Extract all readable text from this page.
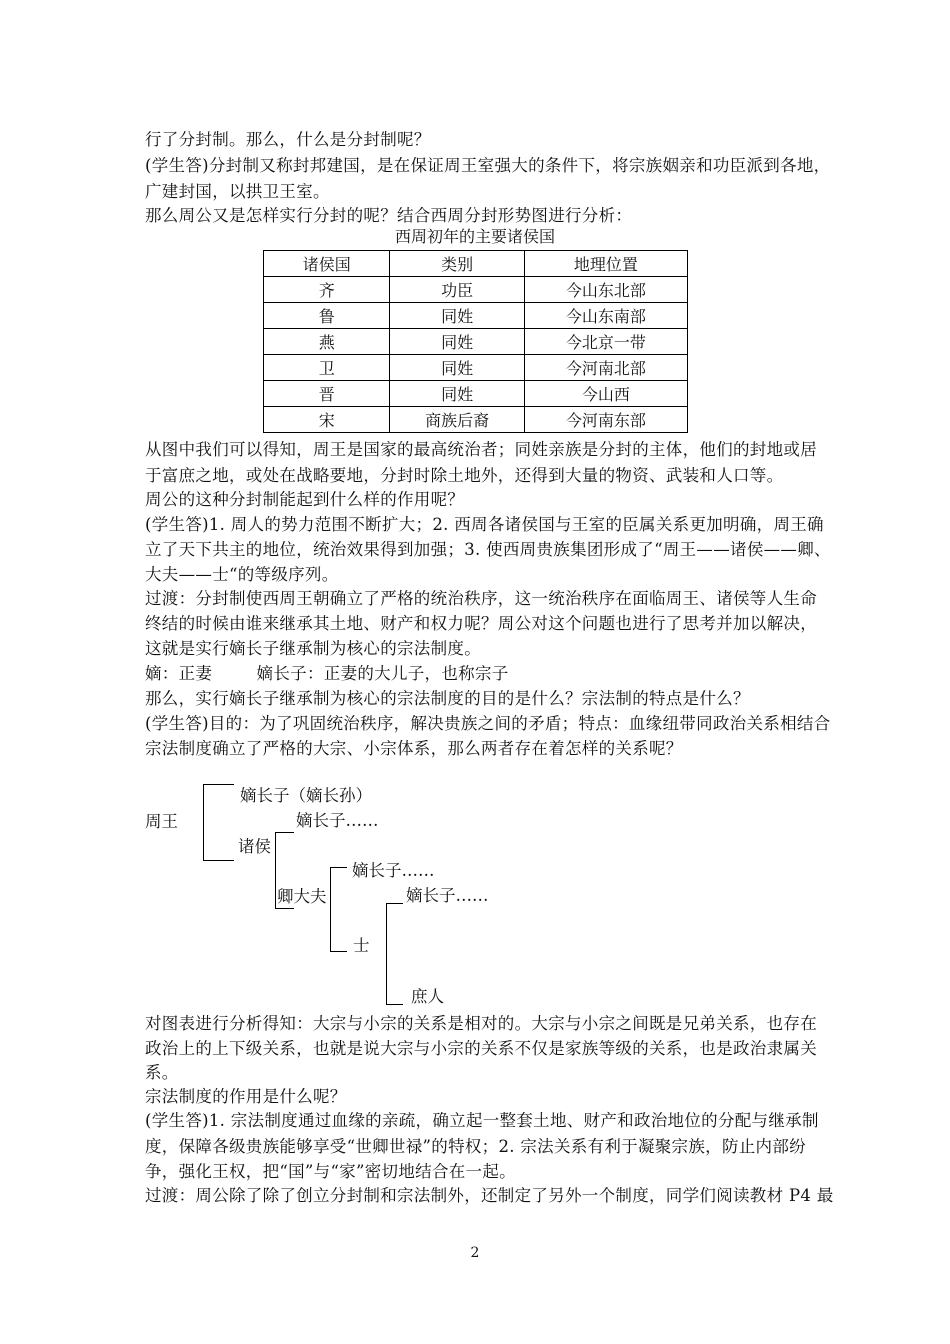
行了分封制。那么，什么是分封制呢？
(学生答)分封制又称封邦建国，是在保证周王室强大的条件下，将宗族姻亲和功臣派到各地，
广建封国，以拱卫王室。
那么周公又是怎样实行分封的呢？结合西周分封形势图进行分析：
西周初年的主要诸侯国
诸侯国	类别	地理位置
齐	功臣	今山东北部
鲁	同姓	今山东南部
燕	同姓	今北京一带
卫	同姓	今河南北部
晋	同姓	今山西
宋	商族后裔	今河南东部
从图中我们可以得知，周王是国家的最高统治者；同姓亲族是分封的主体，他们的封地或居
于富庶之地，或处在战略要地，分封时除土地外，还得到大量的物资、武装和人口等。
周公的这种分封制能起到什么样的作用呢？
(学生答)1. 周人的势力范围不断扩大；2. 西周各诸侯国与王室的臣属关系更加明确，周王确
立了天下共主的地位，统治效果得到加强；3. 使西周贵族集团形成了“周王——诸侯——卿、
大夫——士“的等级序列。
过渡：分封制使西周王朝确立了严格的统治秩序，这一统治秩序在面临周王、诸侯等人生命
终结的时候由谁来继承其土地、财产和权力呢？周公对这个问题也进行了思考并加以解决，
这就是实行嫡长子继承制为核心的宗法制度。
嫡：正妻        嫡长子：正妻的大儿子，也称宗子
那么，实行嫡长子继承制为核心的宗法制度的目的是什么？宗法制的特点是什么？
(学生答)目的：为了巩固统治秩序，解决贵族之间的矛盾；特点：血缘纽带同政治关系相结合
宗法制度确立了严格的大宗、小宗体系，那么两者存在着怎样的关系呢？
周王
嫡长子（嫡长孙）
诸侯
嫡长子……
卿大夫
嫡长子……
士
嫡长子……
庶人
对图表进行分析得知：大宗与小宗的关系是相对的。大宗与小宗之间既是兄弟关系，也存在
政治上的上下级关系，也就是说大宗与小宗的关系不仅是家族等级的关系，也是政治隶属关
系。
宗法制度的作用是什么呢？
(学生答)1. 宗法制度通过血缘的亲疏，确立起一整套土地、财产和政治地位的分配与继承制
度，保障各级贵族能够享受“世卿世禄”的特权；2. 宗法关系有利于凝聚宗族，防止内部纷
争，强化王权，把“国”与“家”密切地结合在一起。
过渡：周公除了除了创立分封制和宗法制外，还制定了另外一个制度，同学们阅读教材 P4 最
2
